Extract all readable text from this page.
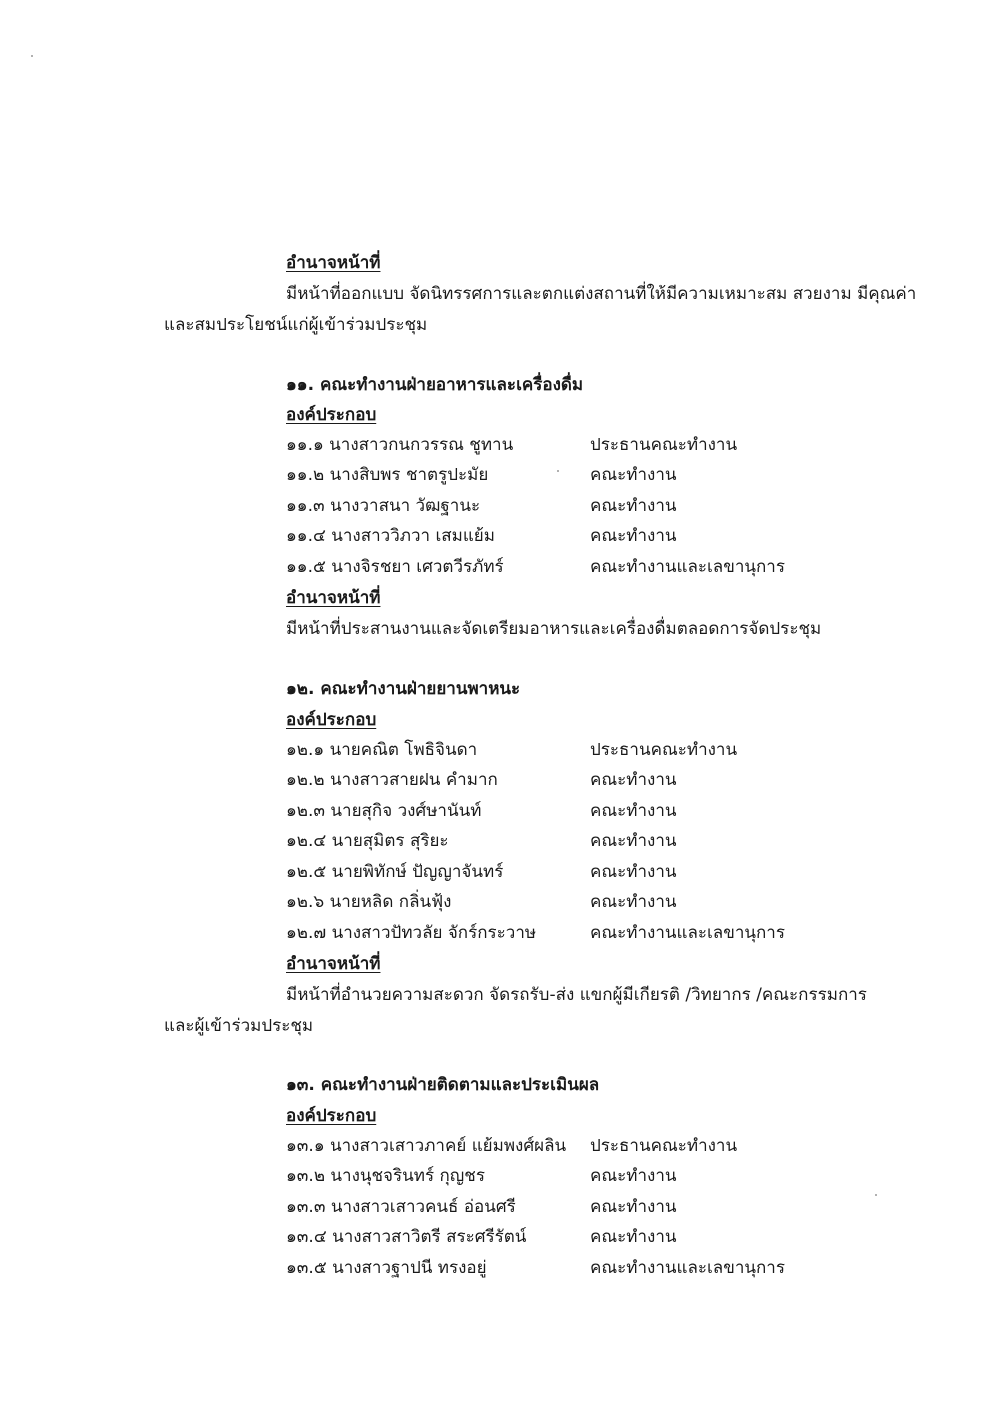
อำนาจหน้าที่
มีหน้าที่ออกแบบ จัดนิทรรศการและตกแต่งสถานที่ให้มีความเหมาะสม สวยงาม มีคุณค่า
และสมประโยชน์แก่ผู้เข้าร่วมประชุม
๑๑. คณะทำงานฝ่ายอาหารและเครื่องดื่ม
องค์ประกอบ
๑๑.๑ นางสาวกนกวรรณ ชูทาน	ประธานคณะทำงาน
๑๑.๒ นางสิบพร ชาตรูปะมัย	คณะทำงาน
๑๑.๓ นางวาสนา วัฒฐานะ	คณะทำงาน
๑๑.๔ นางสาววิภวา เสมแย้ม	คณะทำงาน
๑๑.๕ นางจิรชยา เศวตวีรภัทร์	คณะทำงานและเลขานุการ
อำนาจหน้าที่
มีหน้าที่ประสานงานและจัดเตรียมอาหารและเครื่องดื่มตลอดการจัดประชุม
๑๒. คณะทำงานฝ่ายยานพาหนะ
องค์ประกอบ
๑๒.๑ นายคณิต โพธิจินดา	ประธานคณะทำงาน
๑๒.๒ นางสาวสายฝน คำมาก	คณะทำงาน
๑๒.๓ นายสุกิจ วงศ์ษานันท์	คณะทำงาน
๑๒.๔ นายสุมิตร สุริยะ	คณะทำงาน
๑๒.๕ นายพิทักษ์ ปัญญาจันทร์	คณะทำงาน
๑๒.๖ นายหลิด กลิ่นฟุ้ง	คณะทำงาน
๑๒.๗ นางสาวปัทวลัย จักร์กระวาษ	คณะทำงานและเลขานุการ
อำนาจหน้าที่
มีหน้าที่อำนวยความสะดวก จัดรถรับ-ส่ง แขกผู้มีเกียรติ /วิทยากร /คณะกรรมการ
และผู้เข้าร่วมประชุม
๑๓. คณะทำงานฝ่ายติดตามและประเมินผล
องค์ประกอบ
๑๓.๑ นางสาวเสาวภาคย์ แย้มพงศ์ผลิน ประธานคณะทำงาน
๑๓.๒ นางนุชจรินทร์ กุญชร	คณะทำงาน
๑๓.๓ นางสาวเสาวคนธ์ อ่อนศรี	คณะทำงาน
๑๓.๔ นางสาวสาวิตรี สระศรีรัตน์	คณะทำงาน
๑๓.๕ นางสาวฐาปนี ทรงอยู่	คณะทำงานและเลขานุการ
